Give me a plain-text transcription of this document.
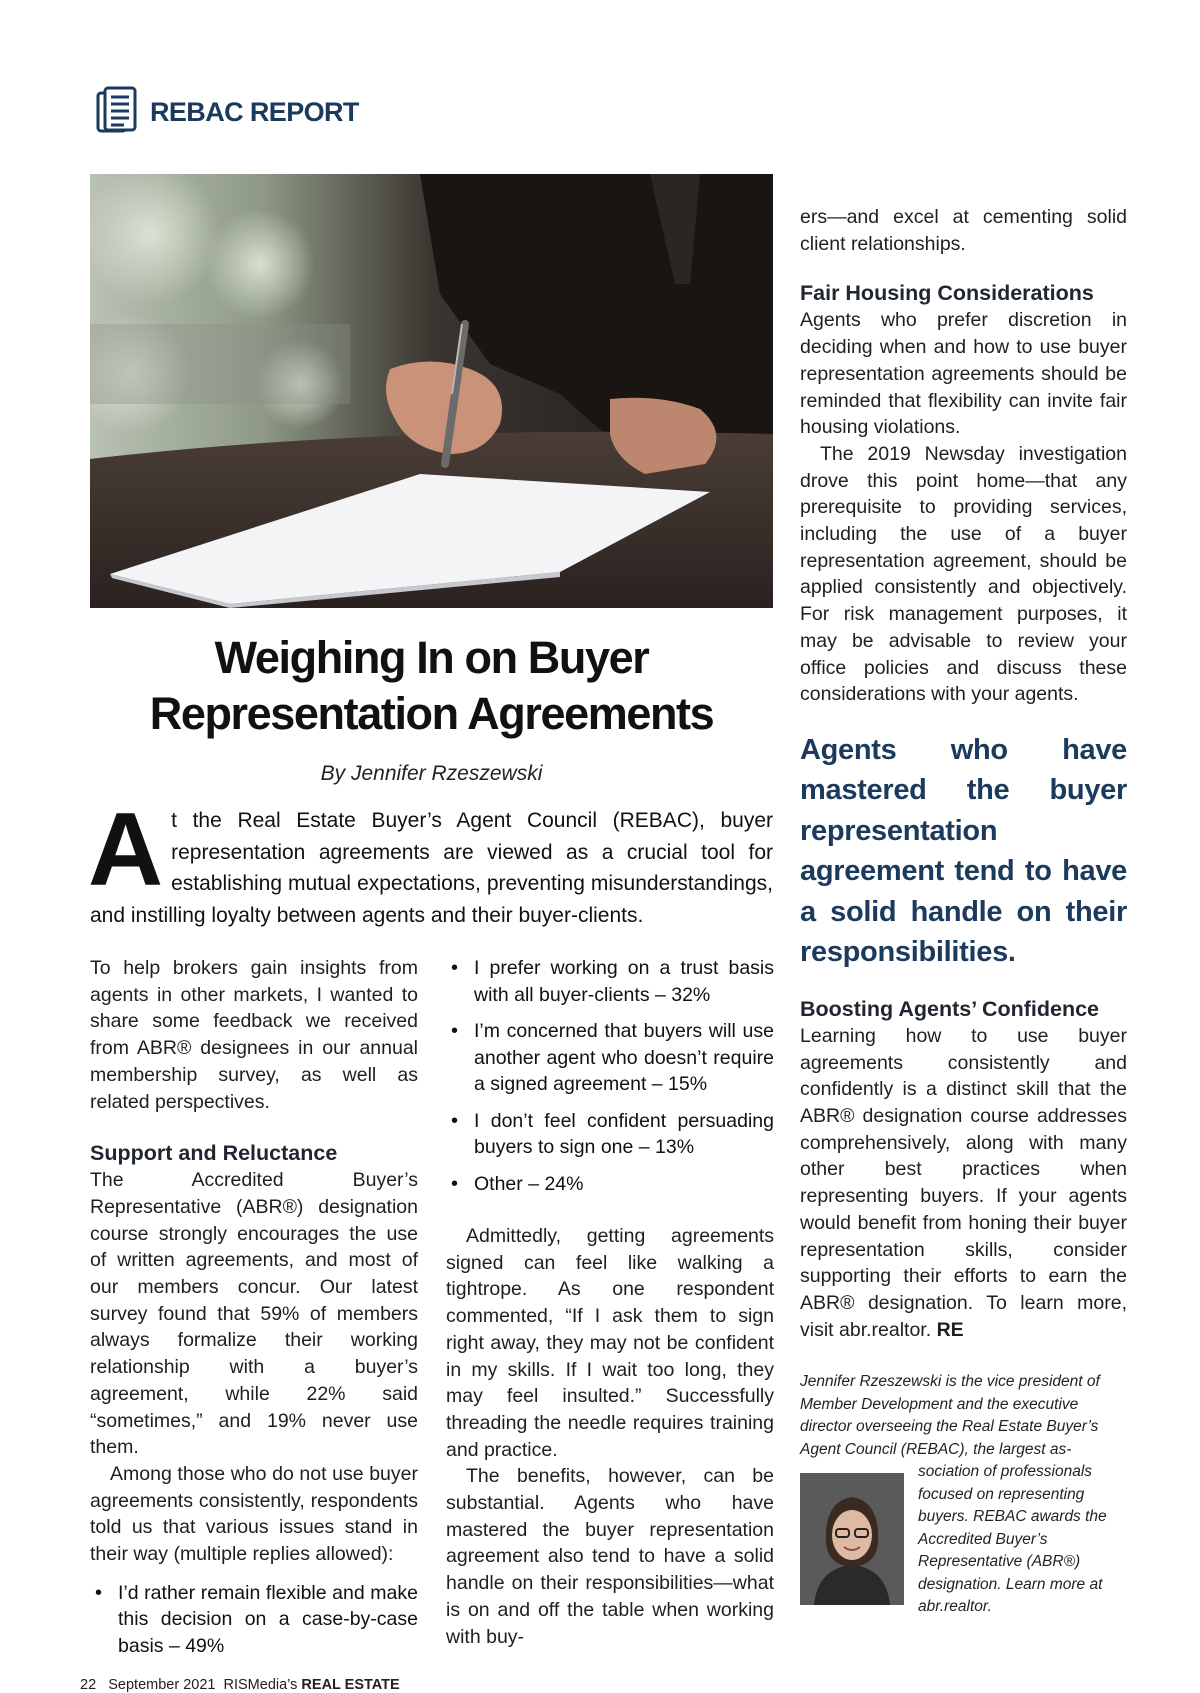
REBAC REPORT
Weighing In on Buyer
Representation Agreements
By Jennifer Rzeszewski

At the Real Estate Buyer’s Agent Council (REBAC), buyer representation agreements are viewed as a crucial tool for establishing mutual expectations, preventing misunderstandings, and instilling loyalty between agents and their buyer-clients.

To help brokers gain insights from agents in other markets, I wanted to share some feedback we received from ABR® designees in our annual membership survey, as well as related perspectives.

Support and Reluctance

The Accredited Buyer’s Representative (ABR®) designation course strongly encourages the use of written agreements, and most of our members concur. Our latest survey found that 59% of members always formalize their working relationship with a buyer’s agreement, while 22% said “sometimes,” and 19% never use them.

Among those who do not use buyer agreements consistently, respondents told us that various issues stand in their way (multiple replies allowed):

• I’d rather remain flexible and make this decision on a case-by-case basis – 49%
• I prefer working on a trust basis with all buyer-clients – 32%
• I’m concerned that buyers will use another agent who doesn’t require a signed agreement – 15%
• I don’t feel confident persuading buyers to sign one – 13%
• Other – 24%

Admittedly, getting agreements signed can feel like walking a tightrope. As one respondent commented, “If I ask them to sign right away, they may not be confident in my skills. If I wait too long, they may feel insulted.” Successfully threading the needle requires training and practice.

The benefits, however, can be substantial. Agents who have mastered the buyer representation agreement also tend to have a solid handle on their responsibilities—what is on and off the table when working with buy-

ers—and excel at cementing solid client relationships.

Fair Housing Considerations

Agents who prefer discretion in deciding when and how to use buyer representation agreements should be reminded that flexibility can invite fair housing violations.

The 2019 Newsday investigation drove this point home—that any prerequisite to providing services, including the use of a buyer representation agreement, should be applied consistently and objectively. For risk management purposes, it may be advisable to review your office policies and discuss these considerations with your agents.

Agents who have mastered the buyer representation agreement tend to have a solid handle on their responsibilities.

Boosting Agents’ Confidence

Learning how to use buyer agreements consistently and confidently is a distinct skill that the ABR® designation course addresses comprehensively, along with many other best practices when representing buyers. If your agents would benefit from honing their buyer representation skills, consider supporting their efforts to earn the ABR® designation. To learn more, visit abr.realtor. RE

Jennifer Rzeszewski is the vice president of Member Development and the executive director overseeing the Real Estate Buyer’s Agent Council (REBAC), the largest as-
sociation of professionals focused on representing buyers. REBAC awards the Accredited Buyer’s Representative (ABR®) designation. Learn more at abr.realtor.
22 September 2021 RISMedia’s REAL ESTATE
